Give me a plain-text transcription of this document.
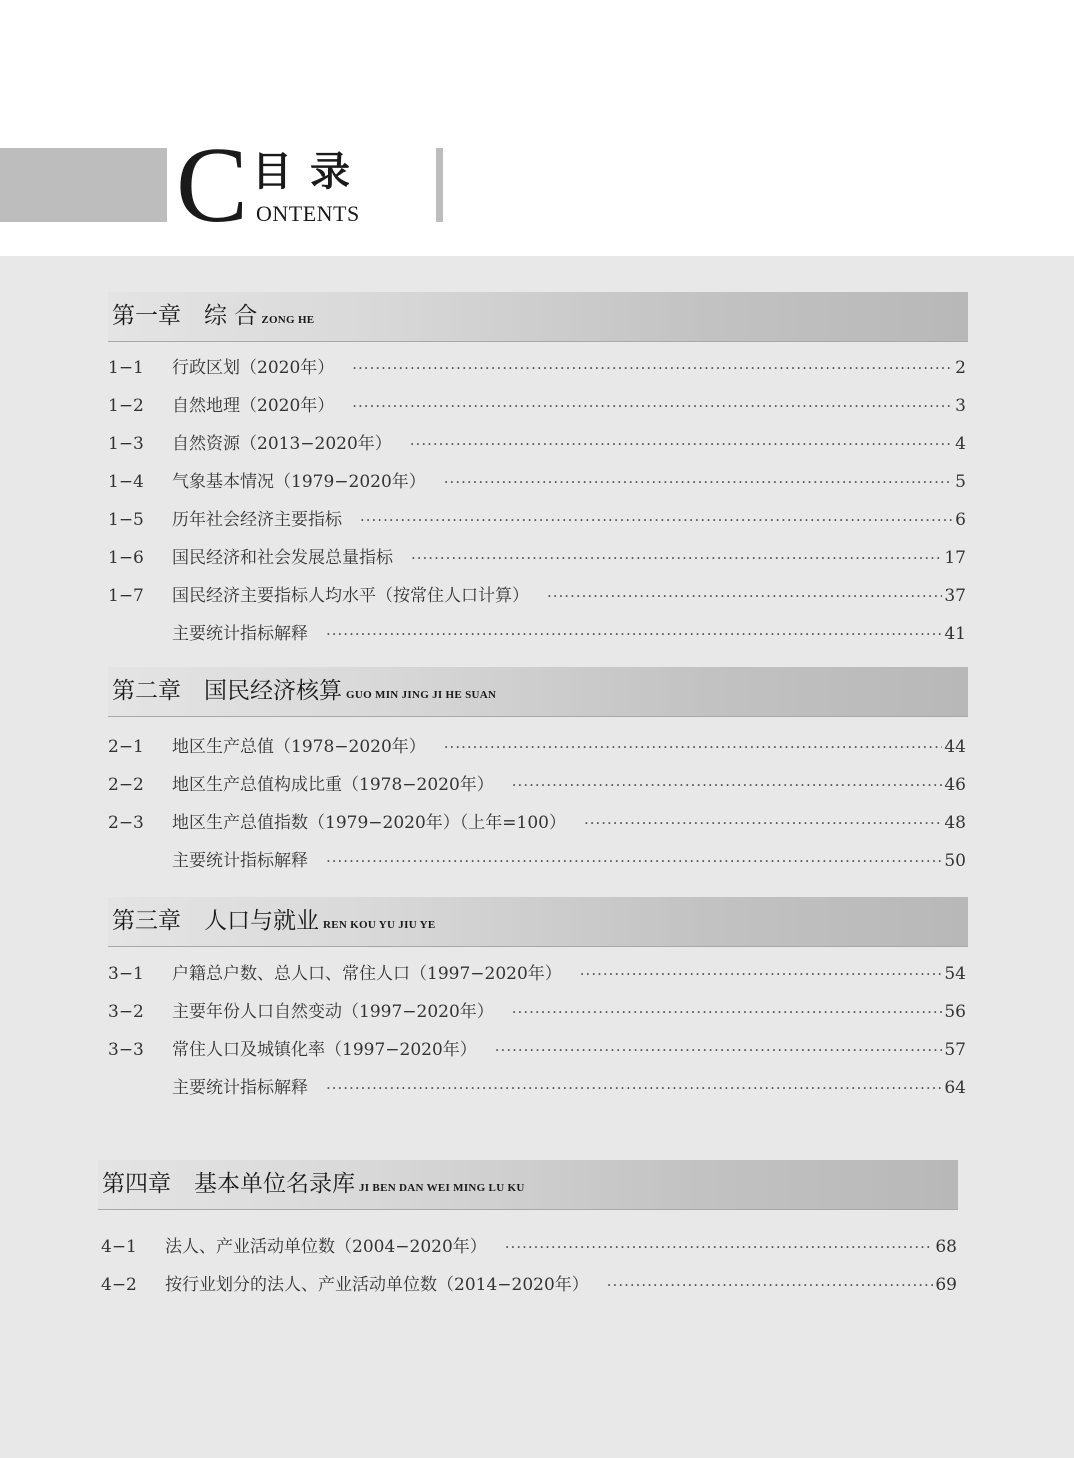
C 目录
ONTENTS
第一章　综 合 ZONG HE
1−1	行政区划（2020年） ·····	2
1−2	自然地理（2020年） ·····	3
1−3	自然资源（2013−2020年） ·····	4
1−4	气象基本情况（1979−2020年） ·····	5
1−5	历年社会经济主要指标 ·····	6
1−6	国民经济和社会发展总量指标 ·····	17
1−7	国民经济主要指标人均水平（按常住人口计算） ·····	37
主要统计指标解释 ·····	41
第二章　国民经济核算 GUO MIN JING JI HE SUAN
2−1	地区生产总值（1978−2020年） ·····	44
2−2	地区生产总值构成比重（1978−2020年） ·····	46
2−3	地区生产总值指数（1979−2020年）（上年=100） ·····	48
主要统计指标解释 ·····	50
第三章　人口与就业 REN KOU YU JIU YE
3−1	户籍总户数、总人口、常住人口（1997−2020年） ·····	54
3−2	主要年份人口自然变动（1997−2020年） ·····	56
3−3	常住人口及城镇化率（1997−2020年） ·····	57
主要统计指标解释 ·····	64
第四章　基本单位名录库 JI BEN DAN WEI MING LU KU
4−1	法人、产业活动单位数（2004−2020年） ·····	68
4−2	按行业划分的法人、产业活动单位数（2014−2020年） ·····	69
